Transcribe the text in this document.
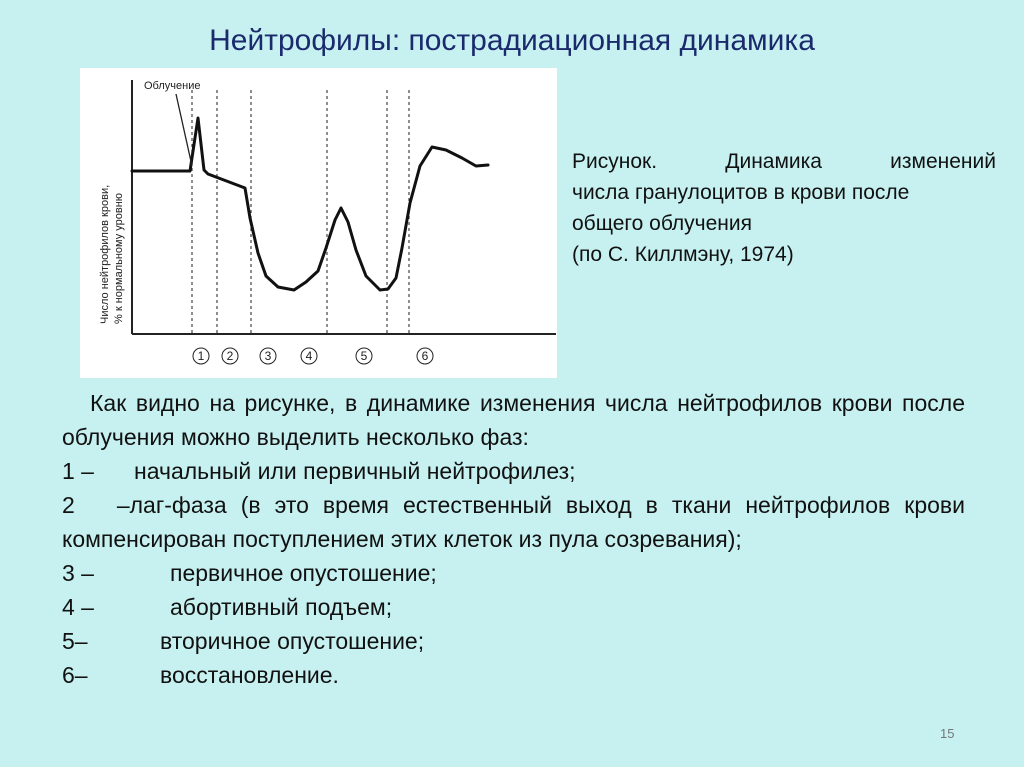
Нейтрофилы: пострадиационная динамика
Облучение
Число нейтрофилов крови, % к нормальному уровню
1 2	3	4	5	6
Рисунок. Динамика изменений
числа гранулоцитов в крови после
общего облучения
(по С. Киллмэну, 1974)

Как видно на рисунке, в динамике изменения числа нейтрофилов крови после облучения можно выделить несколько фаз:

1 – начальный или первичный нейтрофилез;

2 –лаг-фаза (в это время естественный выход в ткани нейтрофилов крови компенсирован поступлением этих клеток из пула созревания);

3 –	первичное опустошение;

4 –	абортивный подъем;

5–	вторичное опустошение;

6–	восстановление.

15
